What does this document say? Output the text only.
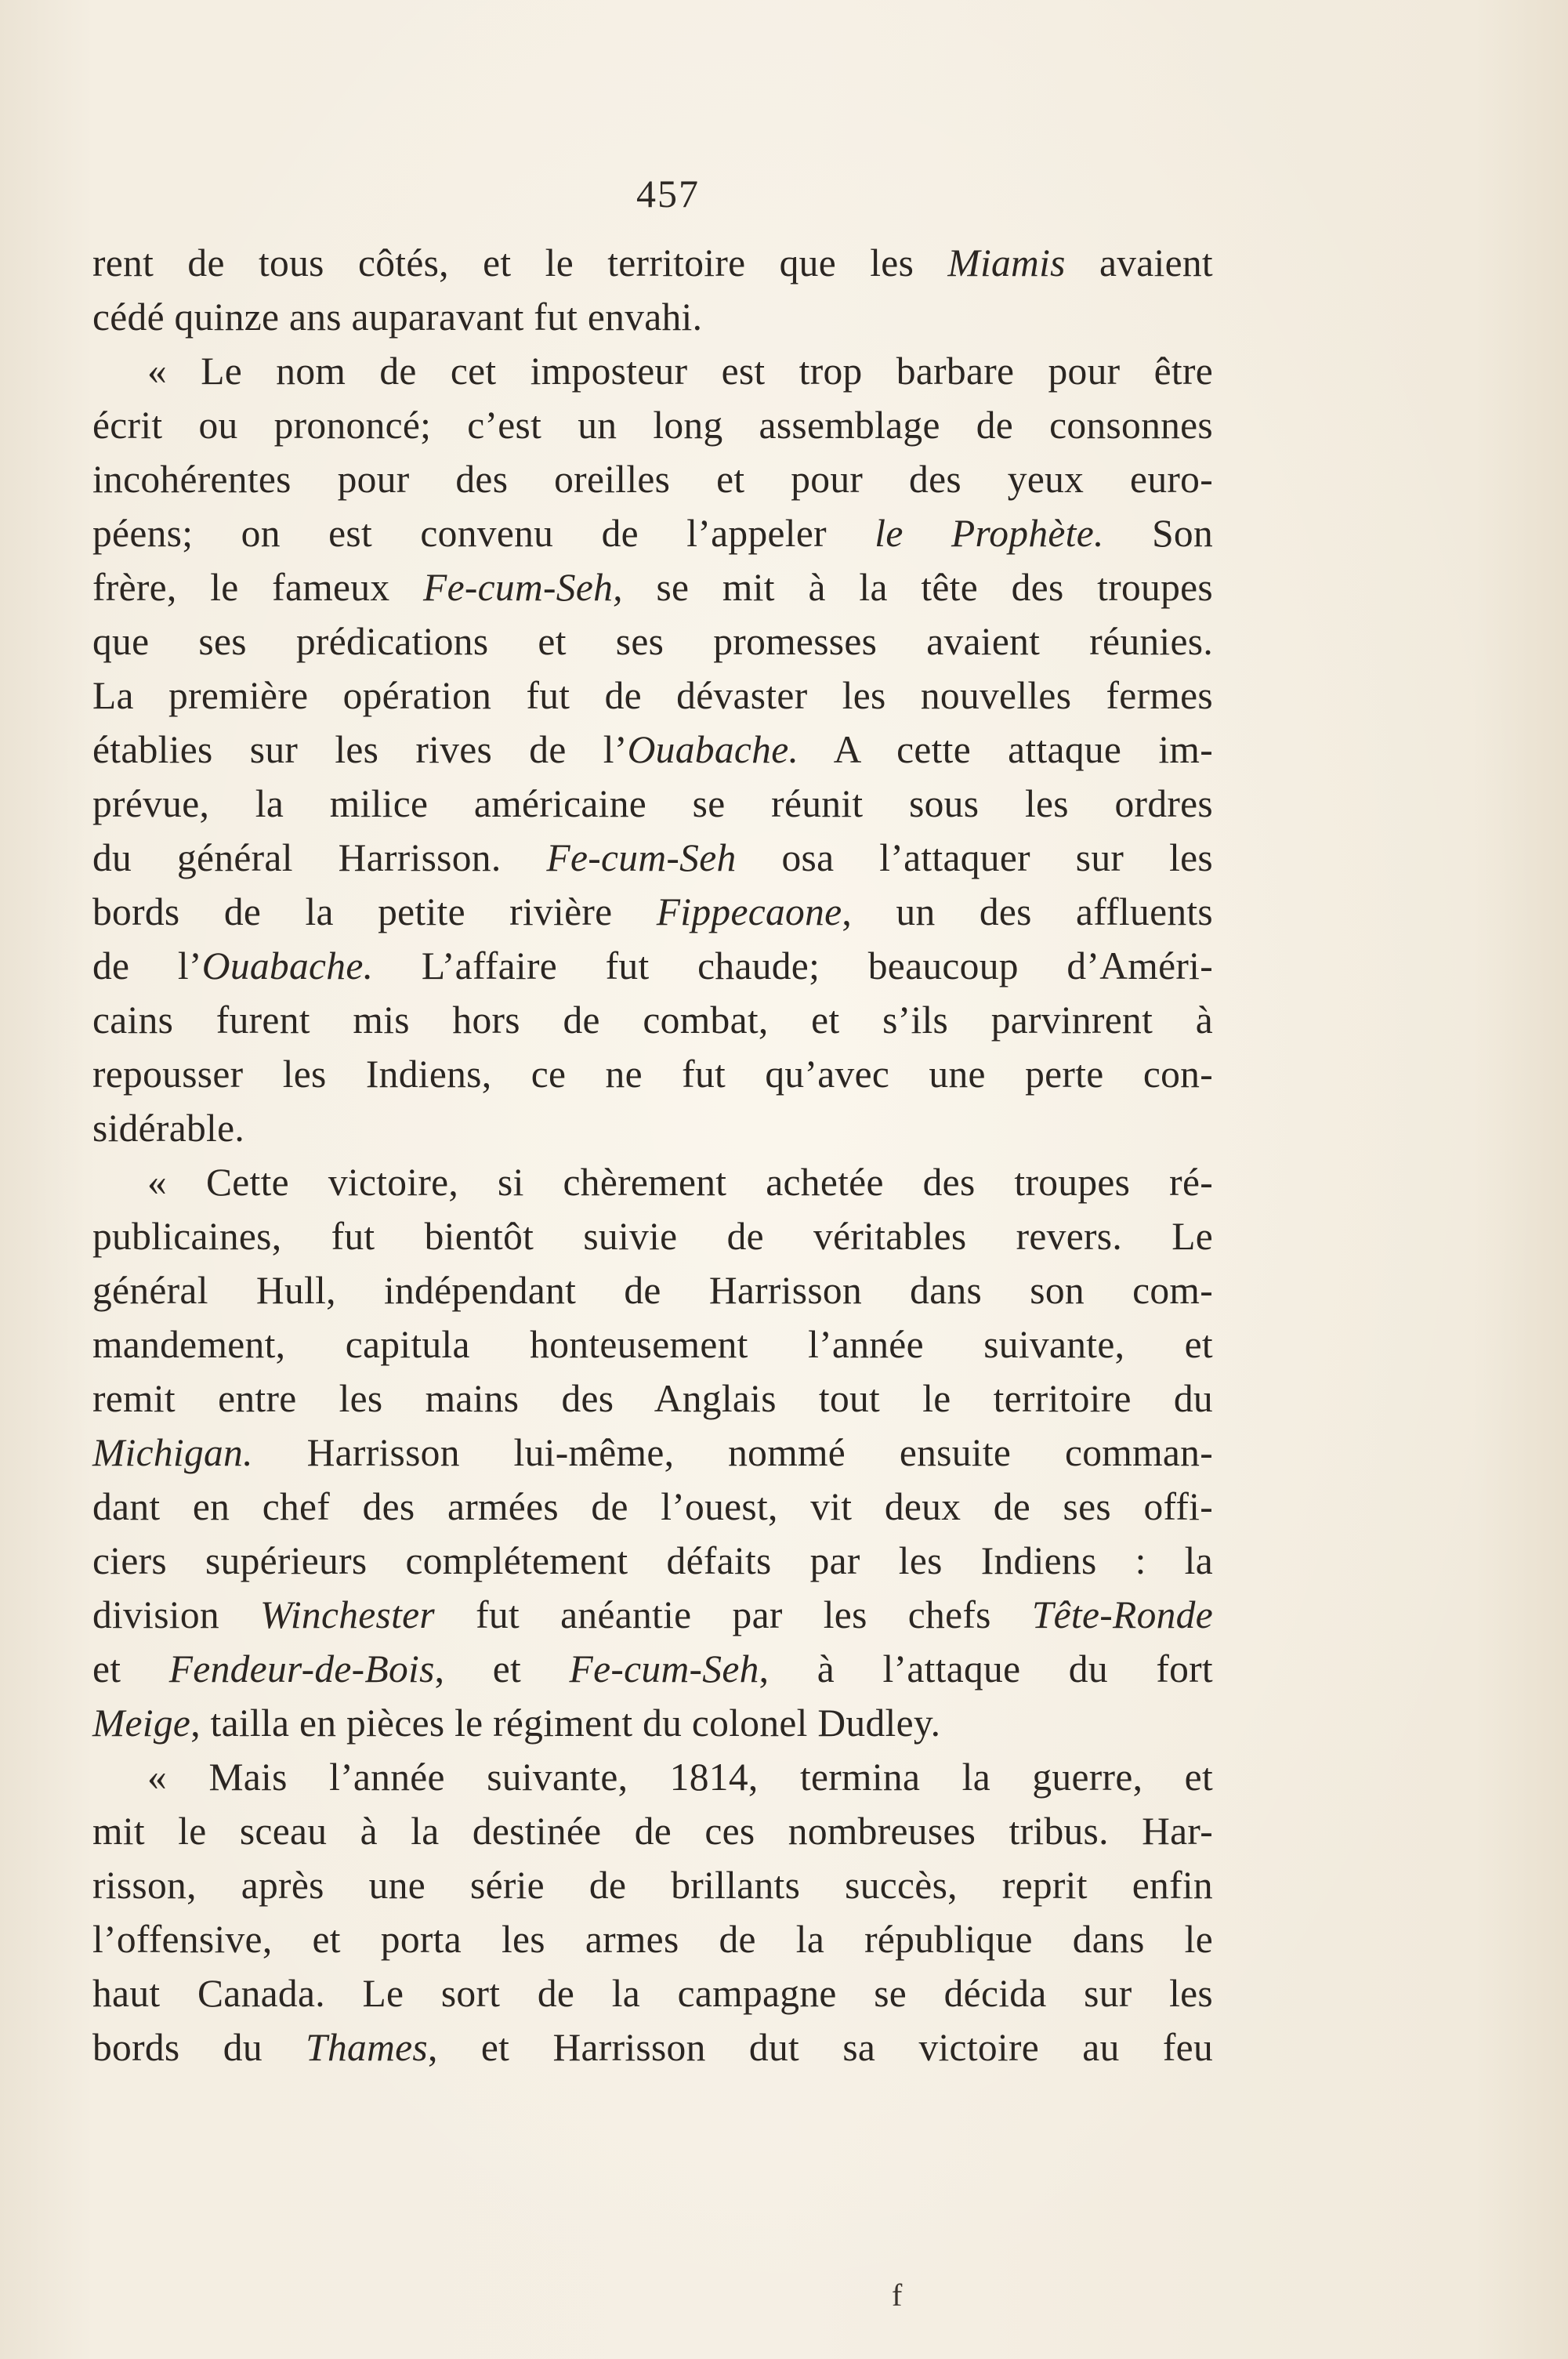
457
rent de tous côtés, et le territoire que les Miamis avaient
cédé quinze ans auparavant fut envahi.
« Le nom de cet imposteur est trop barbare pour être
écrit ou prononcé; c’est un long assemblage de consonnes
incohérentes pour des oreilles et pour des yeux euro-
péens; on est convenu de l’appeler le Prophète. Son
frère, le fameux Fe-cum-Seh, se mit à la tête des troupes
que ses prédications et ses promesses avaient réunies.
La première opération fut de dévaster les nouvelles fermes
établies sur les rives de l’Ouabache. A cette attaque im-
prévue, la milice américaine se réunit sous les ordres
du général Harrisson. Fe-cum-Seh osa l’attaquer sur les
bords de la petite rivière Fippecaone, un des affluents
de l’Ouabache. L’affaire fut chaude; beaucoup d’Améri-
cains furent mis hors de combat, et s’ils parvinrent à
repousser les Indiens, ce ne fut qu’avec une perte con-
sidérable.
« Cette victoire, si chèrement achetée des troupes ré-
publicaines, fut bientôt suivie de véritables revers. Le
général Hull, indépendant de Harrisson dans son com-
mandement, capitula honteusement l’année suivante, et
remit entre les mains des Anglais tout le territoire du
Michigan. Harrisson lui-même, nommé ensuite comman-
dant en chef des armées de l’ouest, vit deux de ses offi-
ciers supérieurs complétement défaits par les Indiens : la
division Winchester fut anéantie par les chefs Tête-Ronde
et Fendeur-de-Bois, et Fe-cum-Seh, à l’attaque du fort
Meige, tailla en pièces le régiment du colonel Dudley.
« Mais l’année suivante, 1814, termina la guerre, et
mit le sceau à la destinée de ces nombreuses tribus. Har-
risson, après une série de brillants succès, reprit enfin
l’offensive, et porta les armes de la république dans le
haut Canada. Le sort de la campagne se décida sur les
bords du Thames, et Harrisson dut sa victoire au feu
f
